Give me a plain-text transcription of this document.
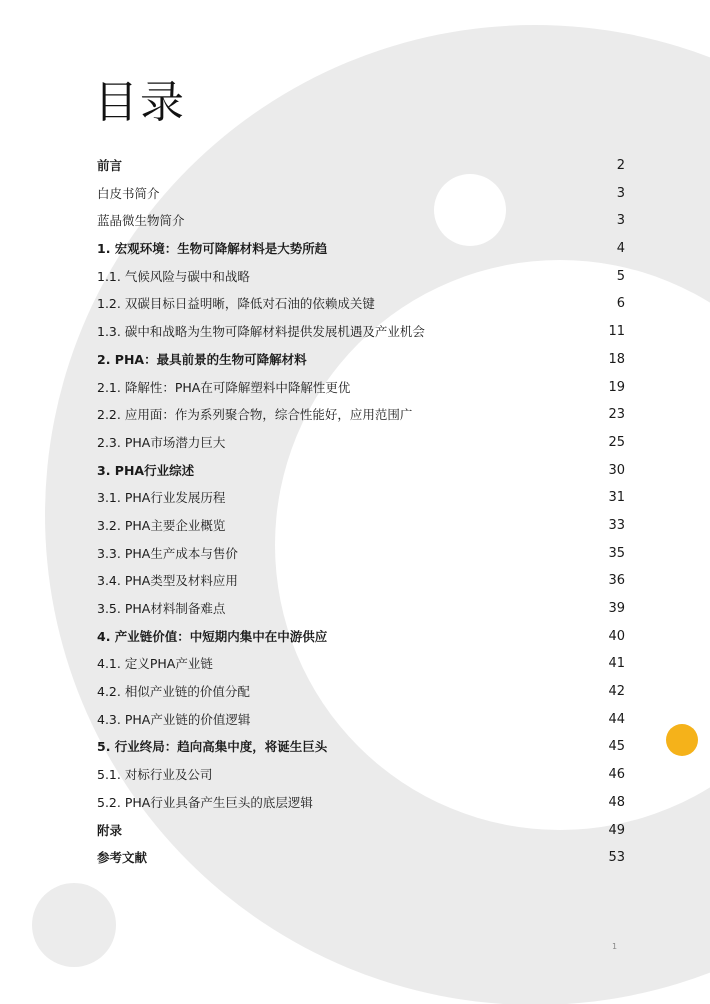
目录
前言	2
白皮书简介	3
蓝晶微生物简介	3
1. 宏观环境：生物可降解材料是大势所趋	4
1.1. 气候风险与碳中和战略	5
1.2. 双碳目标日益明晰，降低对石油的依赖成关键	6
1.3. 碳中和战略为生物可降解材料提供发展机遇及产业机会	11
2. PHA：最具前景的生物可降解材料	18
2.1. 降解性：PHA在可降解塑料中降解性更优	19
2.2. 应用面：作为系列聚合物，综合性能好，应用范围广	23
2.3. PHA市场潜力巨大	25
3. PHA行业综述	30
3.1. PHA行业发展历程	31
3.2. PHA主要企业概览	33
3.3. PHA生产成本与售价	35
3.4. PHA类型及材料应用	36
3.5. PHA材料制备难点	39
4. 产业链价值：中短期内集中在中游供应	40
4.1. 定义PHA产业链	41
4.2. 相似产业链的价值分配	42
4.3. PHA产业链的价值逻辑	44
5. 行业终局：趋向高集中度，将诞生巨头	45
5.1. 对标行业及公司	46
5.2. PHA行业具备产生巨头的底层逻辑	48
附录	49
参考文献	53
1
